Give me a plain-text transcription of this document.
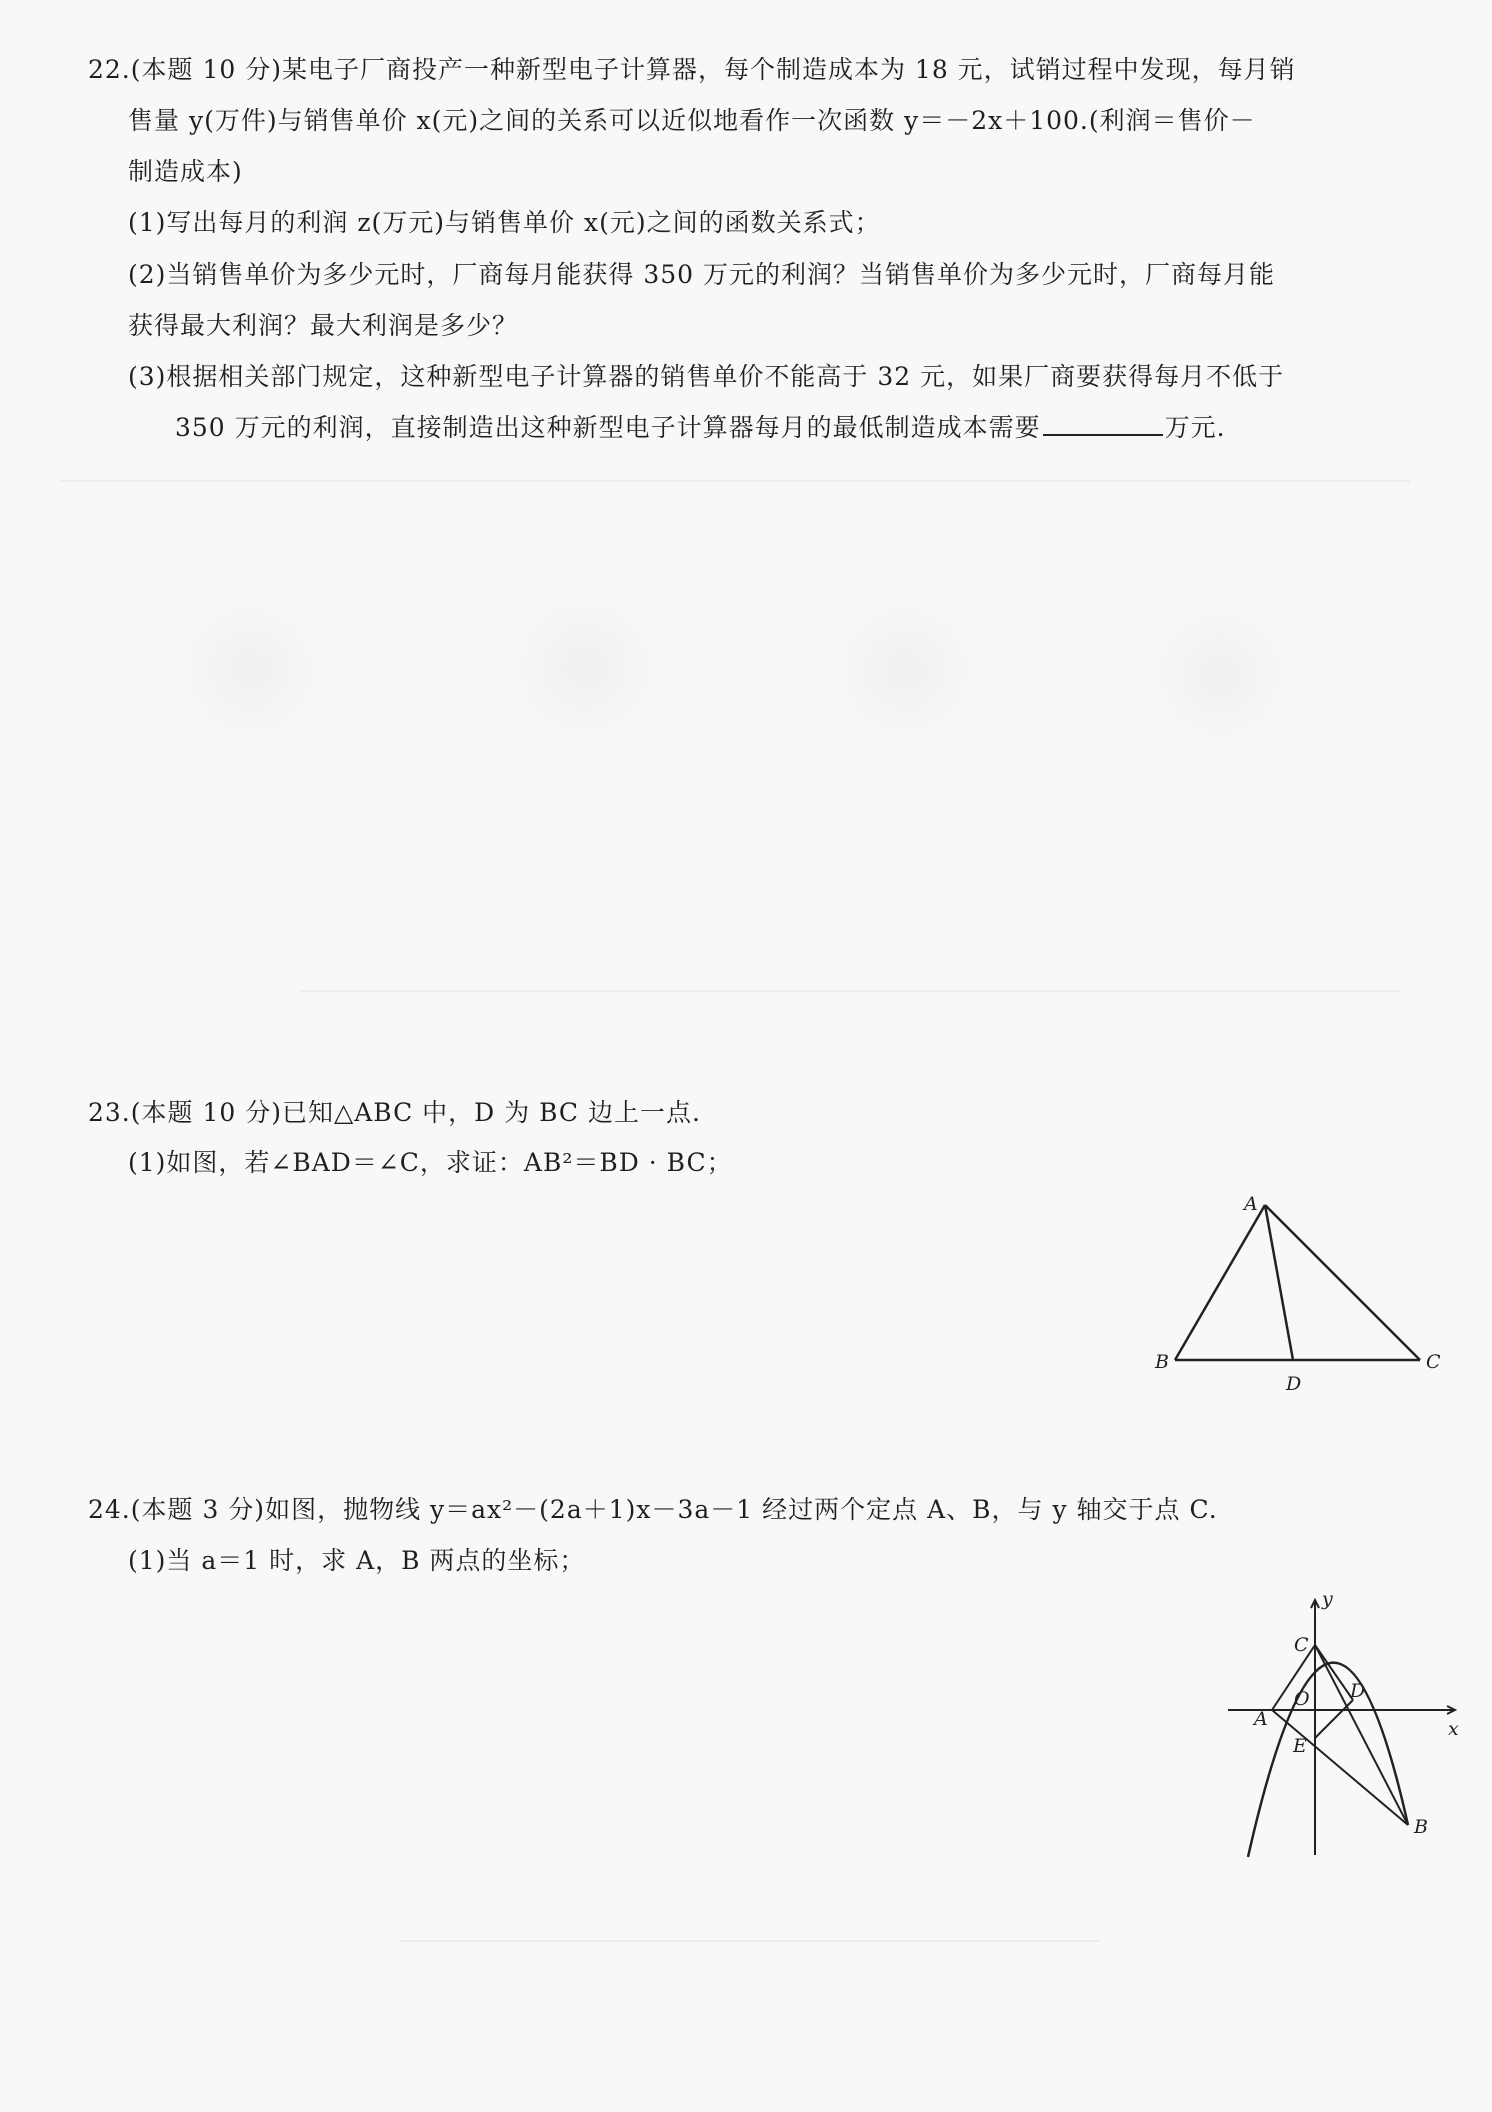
22.(本题 10 分)某电子厂商投产一种新型电子计算器，每个制造成本为 18 元，试销过程中发现，每月销
售量 y(万件)与销售单价 x(元)之间的关系可以近似地看作一次函数 y＝－2x＋100.(利润＝售价－
制造成本)
(1)写出每月的利润 z(万元)与销售单价 x(元)之间的函数关系式；
(2)当销售单价为多少元时，厂商每月能获得 350 万元的利润？当销售单价为多少元时，厂商每月能
获得最大利润？最大利润是多少？
(3)根据相关部门规定，这种新型电子计算器的销售单价不能高于 32 元，如果厂商要获得每月不低于
350 万元的利润，直接制造出这种新型电子计算器每月的最低制造成本需要	万元.
23.(本题 10 分)已知△ABC 中，D 为 BC 边上一点.
(1)如图，若∠BAD＝∠C，求证：AB²＝BD · BC；
A
B	C
D
24.(本题 3 分)如图，抛物线 y＝ax²－(2a＋1)x－3a－1 经过两个定点 A、B，与 y 轴交于点 C.
(1)当 a＝1 时，求 A，B 两点的坐标；
y
x
C
O D
A
E
B
